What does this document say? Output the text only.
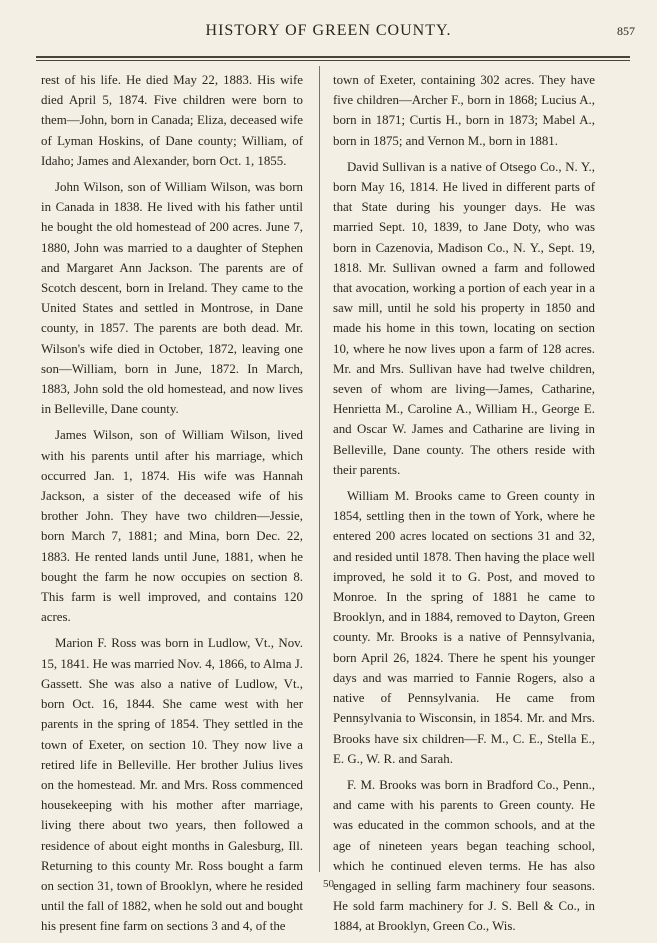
HISTORY OF GREEN COUNTY.	857

rest of his life. He died May 22, 1883. His wife died April 5, 1874. Five children were born to them—John, born in Canada; Eliza, deceased wife of Lyman Hoskins, of Dane county; William, of Idaho; James and Alexander, born Oct. 1, 1855.

John Wilson, son of William Wilson, was born in Canada in 1838. He lived with his father until he bought the old homestead of 200 acres. June 7, 1880, John was married to a daughter of Stephen and Margaret Ann Jackson. The parents are of Scotch descent, born in Ireland. They came to the United States and settled in Montrose, in Dane county, in 1857. The parents are both dead. Mr. Wilson's wife died in October, 1872, leaving one son—William, born in June, 1872. In March, 1883, John sold the old homestead, and now lives in Belleville, Dane county.

James Wilson, son of William Wilson, lived with his parents until after his marriage, which occurred Jan. 1, 1874. His wife was Hannah Jackson, a sister of the deceased wife of his brother John. They have two children—Jessie, born March 7, 1881; and Mina, born Dec. 22, 1883. He rented lands until June, 1881, when he bought the farm he now occupies on section 8. This farm is well improved, and contains 120 acres.

Marion F. Ross was born in Ludlow, Vt., Nov. 15, 1841. He was married Nov. 4, 1866, to Alma J. Gassett. She was also a native of Ludlow, Vt., born Oct. 16, 1844. She came west with her parents in the spring of 1854. They settled in the town of Exeter, on section 10. They now live a retired life in Belleville. Her brother Julius lives on the homestead. Mr. and Mrs. Ross commenced housekeeping with his mother after marriage, living there about two years, then followed a residence of about eight months in Galesburg, Ill. Returning to this county Mr. Ross bought a farm on section 31, town of Brooklyn, where he resided until the fall of 1882, when he sold out and bought his present fine farm on sections 3 and 4, of the

town of Exeter, containing 302 acres. They have five children—Archer F., born in 1868; Lucius A., born in 1871; Curtis H., born in 1873; Mabel A., born in 1875; and Vernon M., born in 1881.

David Sullivan is a native of Otsego Co., N. Y., born May 16, 1814. He lived in different parts of that State during his younger days. He was married Sept. 10, 1839, to Jane Doty, who was born in Cazenovia, Madison Co., N. Y., Sept. 19, 1818. Mr. Sullivan owned a farm and followed that avocation, working a portion of each year in a saw mill, until he sold his property in 1850 and made his home in this town, locating on section 10, where he now lives upon a farm of 128 acres. Mr. and Mrs. Sullivan have had twelve children, seven of whom are living—James, Catharine, Henrietta M., Caroline A., William H., George E. and Oscar W. James and Catharine are living in Belleville, Dane county. The others reside with their parents.

William M. Brooks came to Green county in 1854, settling then in the town of York, where he entered 200 acres located on sections 31 and 32, and resided until 1878. Then having the place well improved, he sold it to G. Post, and moved to Monroe. In the spring of 1881 he came to Brooklyn, and in 1884, removed to Dayton, Green county. Mr. Brooks is a native of Pennsylvania, born April 26, 1824. There he spent his younger days and was married to Fannie Rogers, also a native of Pennsylvania. He came from Pennsylvania to Wisconsin, in 1854. Mr. and Mrs. Brooks have six children—F. M., C. E., Stella E., E. G., W. R. and Sarah.

F. M. Brooks was born in Bradford Co., Penn., and came with his parents to Green county. He was educated in the common schools, and at the age of nineteen years began teaching school, which he continued eleven terms. He has also engaged in selling farm machinery four seasons. He sold farm machinery for J. S. Bell & Co., in 1884, at Brooklyn, Green Co., Wis.

50
